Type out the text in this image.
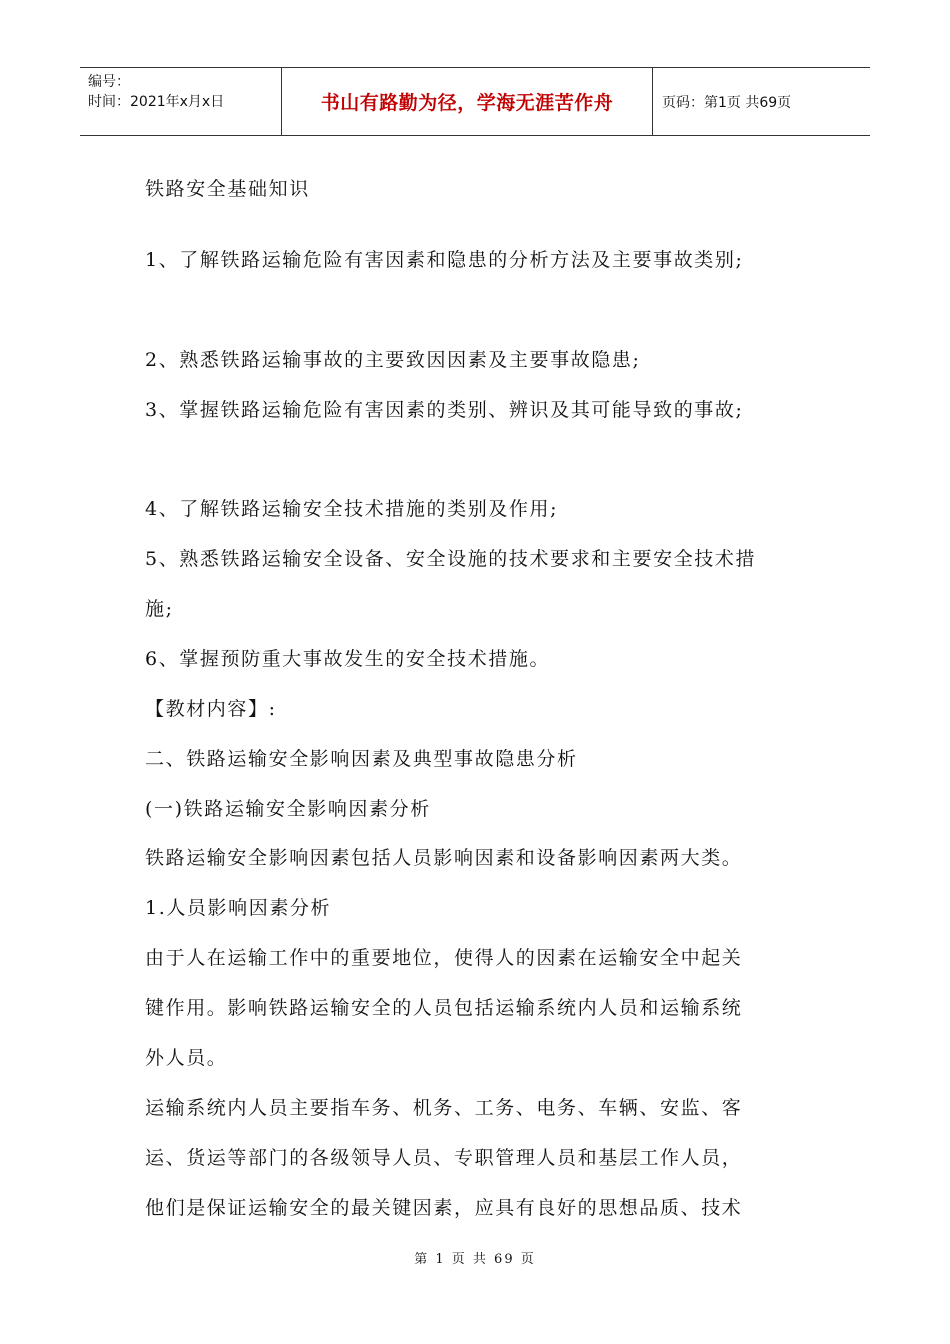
编号：
时间：2021年x月x日	书山有路勤为径，学海无涯苦作舟	页码：第1页 共69页
铁路安全基础知识
1、了解铁路运输危险有害因素和隐患的分析方法及主要事故类别;
2、熟悉铁路运输事故的主要致因因素及主要事故隐患;
3、掌握铁路运输危险有害因素的类别、辨识及其可能导致的事故;
4、了解铁路运输安全技术措施的类别及作用;
5、熟悉铁路运输安全设备、安全设施的技术要求和主要安全技术措
施;
6、掌握预防重大事故发生的安全技术措施。
【教材内容】:
二、铁路运输安全影响因素及典型事故隐患分析
(一)铁路运输安全影响因素分析
铁路运输安全影响因素包括人员影响因素和设备影响因素两大类。
1.人员影响因素分析
由于人在运输工作中的重要地位，使得人的因素在运输安全中起关
键作用。影响铁路运输安全的人员包括运输系统内人员和运输系统
外人员。
运输系统内人员主要指车务、机务、工务、电务、车辆、安监、客
运、货运等部门的各级领导人员、专职管理人员和基层工作人员，
他们是保证运输安全的最关键因素，应具有良好的思想品质、技术
第 1 页 共 69 页
